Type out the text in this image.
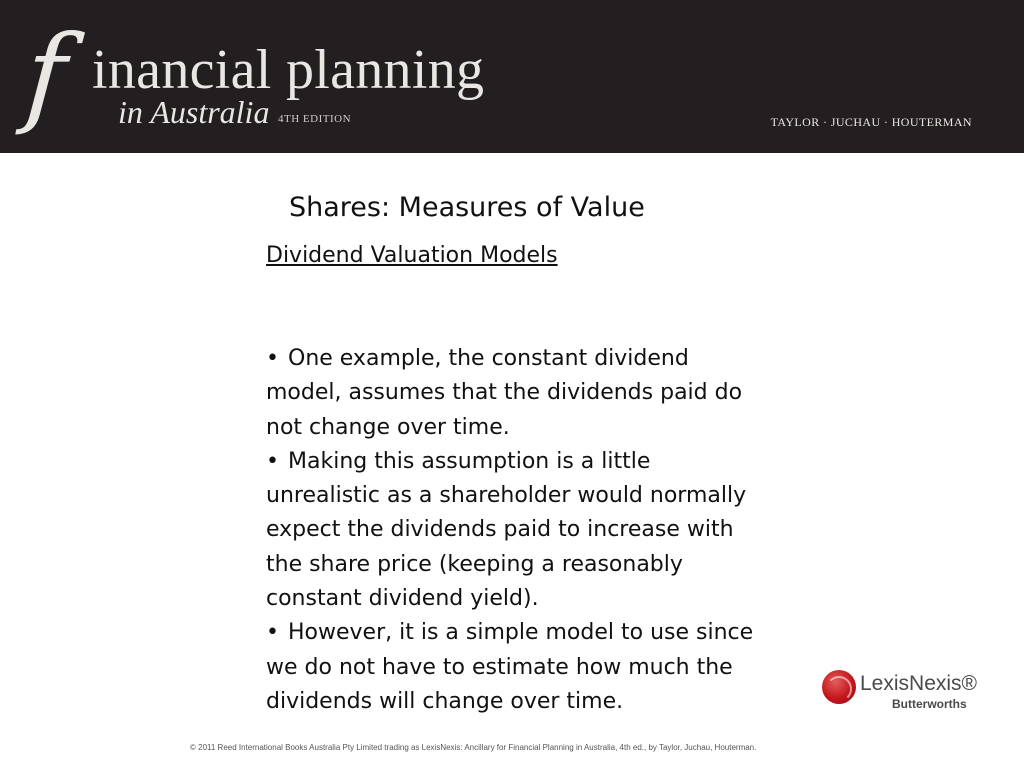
f inancial planning
in Australia 4TH EDITION	TAYLOR · JUCHAU · HOUTERMAN
Shares: Measures of Value
Dividend Valuation Models

• One example, the constant dividend model, assumes that the dividends paid do not change over time.

• Making this assumption is a little unrealistic as a shareholder would normally expect the dividends paid to increase with the share price (keeping a reasonably constant dividend yield).

• However, it is a simple model to use since we do not have to estimate how much the dividends will change over time.

LexisNexis®
Butterworths
© 2011 Reed International Books Australia Pty Limited trading as LexisNexis: Ancillary for Financial Planning in Australia, 4th ed., by Taylor, Juchau, Houterman.
